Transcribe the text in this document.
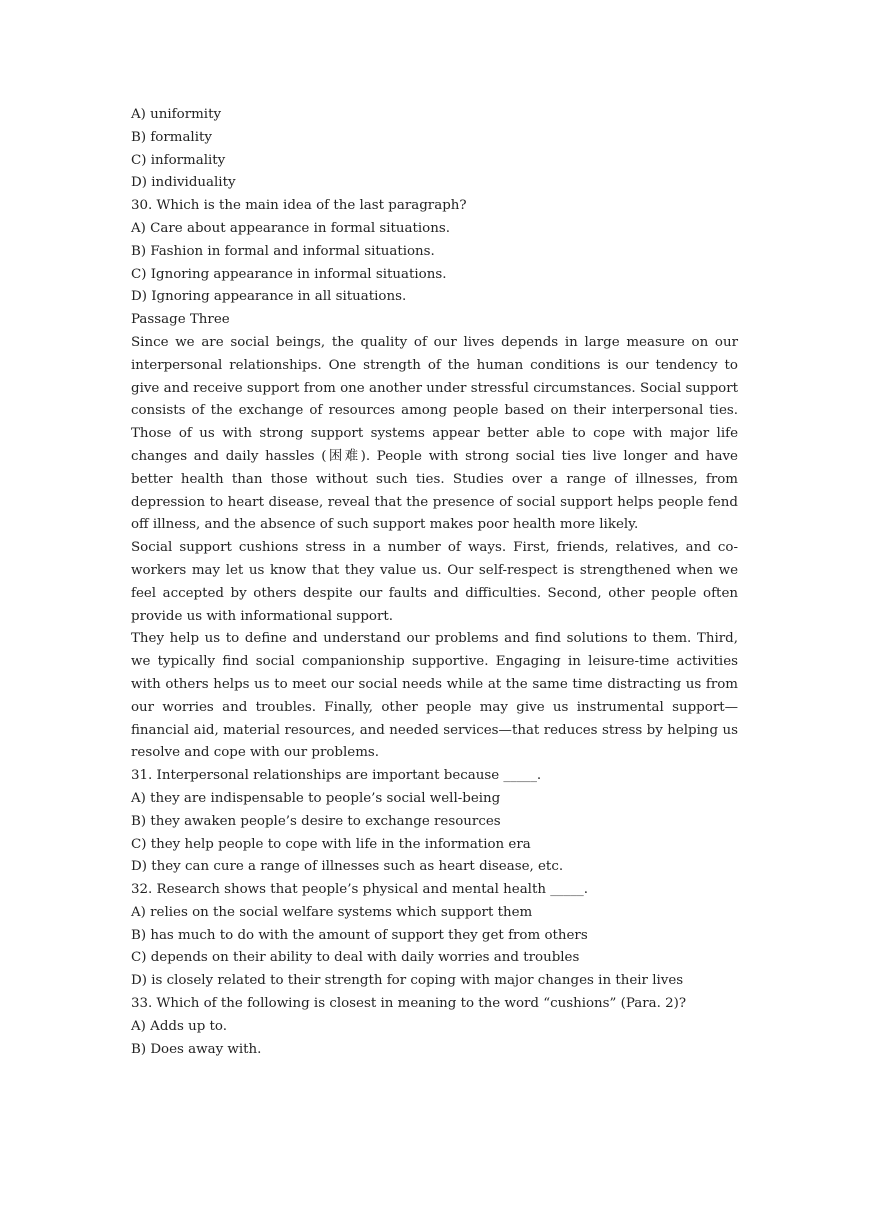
A) uniformity
B) formality
C) informality
D) individuality
30. Which is the main idea of the last paragraph?
A) Care about appearance in formal situations.
B) Fashion in formal and informal situations.
C) Ignoring appearance in informal situations.
D) Ignoring appearance in all situations.
Passage Three

Since we are social beings, the quality of our lives depends in large measure on our interpersonal relationships. One strength of the human conditions is our tendency to give and receive support from one another under stressful circumstances. Social support consists of the exchange of resources among people based on their interpersonal ties. Those of us with strong support systems appear better able to cope with major life changes and daily hassles (困难). People with strong social ties live longer and have better health than those without such ties. Studies over a range of illnesses, from depression to heart disease, reveal that the presence of social support helps people fend off illness, and the absence of such support makes poor health more likely.

Social support cushions stress in a number of ways. First, friends, relatives, and co-workers may let us know that they value us. Our self-respect is strengthened when we feel accepted by others despite our faults and difficulties. Second, other people often provide us with informational support.

They help us to define and understand our problems and find solutions to them. Third, we typically find social companionship supportive. Engaging in leisure-time activities with others helps us to meet our social needs while at the same time distracting us from our worries and troubles. Finally, other people may give us instrumental support—financial aid, material resources, and needed services—that reduces stress by helping us resolve and cope with our problems.

31. Interpersonal relationships are important because _____.
A) they are indispensable to people’s social well-being
B) they awaken people’s desire to exchange resources
C) they help people to cope with life in the information era
D) they can cure a range of illnesses such as heart disease, etc.
32. Research shows that people’s physical and mental health _____.
A) relies on the social welfare systems which support them
B) has much to do with the amount of support they get from others
C) depends on their ability to deal with daily worries and troubles
D) is closely related to their strength for coping with major changes in their lives

33. Which of the following is closest in meaning to the word “cushions” (Para. 2)?

A) Adds up to.
B) Does away with.
